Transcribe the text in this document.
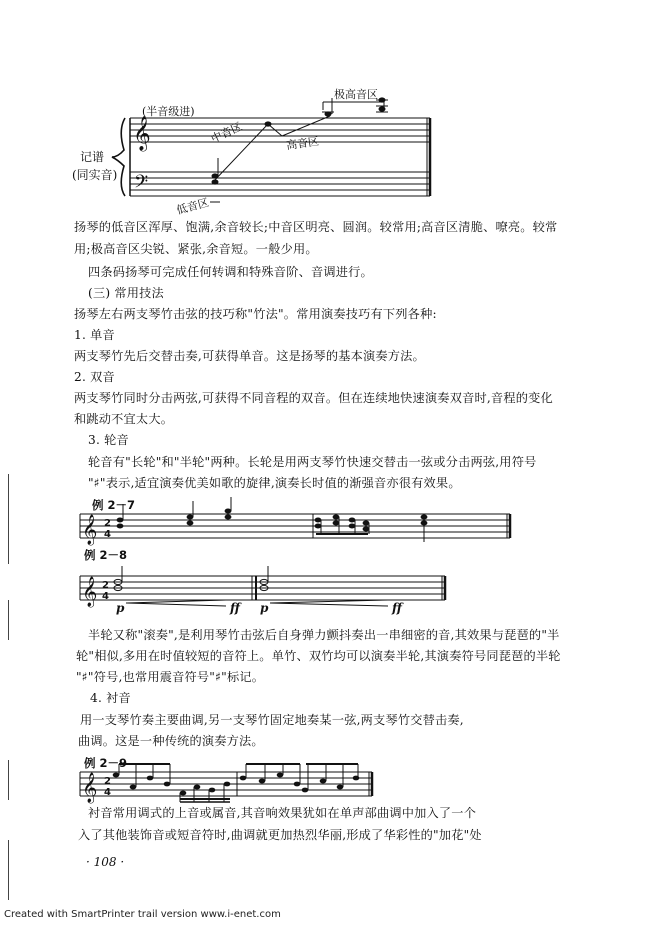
(半音级进)
记谱
(同实音)
极高音区
高音区
中音区
低音区
𝄞
𝄢
扬琴的低音区浑厚、饱满,余音较长;中音区明亮、圆润。较常用;高音区清脆、嘹亮。较常
用;极高音区尖锐、紧张,余音短。一般少用。
四条码扬琴可完成任何转调和特殊音阶、音调进行。
(三) 常用技法
扬琴左右两支琴竹击弦的技巧称"竹法"。常用演奏技巧有下列各种:
1. 单音
两支琴竹先后交替击奏,可获得单音。这是扬琴的基本演奏方法。
2. 双音
两支琴竹同时分击两弦,可获得不同音程的双音。但在连续地快速演奏双音时,音程的变化
和跳动不宜太大。
3. 轮音
轮音有"长轮"和"半轮"两种。长轮是用两支琴竹快速交替击一弦或分击两弦,用符号
"♯"表示,适宜演奏优美如歌的旋律,演奏长时值的渐强音亦很有效果。
例 2－7
𝄞 2
4
例 2－8
𝄞 2
4
p	ff p	ff
半轮又称"滚奏",是利用琴竹击弦后自身弹力颤抖奏出一串细密的音,其效果与琵琶的"半
轮"相似,多用在时值较短的音符上。单竹、双竹均可以演奏半轮,其演奏符号同琵琶的半轮
"♯"符号,也常用震音符号"♯"标记。
4. 衬音
用一支琴竹奏主要曲调,另一支琴竹固定地奏某一弦,两支琴竹交替击奏,
曲调。这是一种传统的演奏方法。
例 2－9
𝄞 2
4
衬音常用调式的上音或属音,其音响效果犹如在单声部曲调中加入了一个
入了其他装饰音或短音符时,曲调就更加热烈华丽,形成了华彩性的"加花"处
· 108 ·
Created with SmartPrinter trail version www.i-enet.com
